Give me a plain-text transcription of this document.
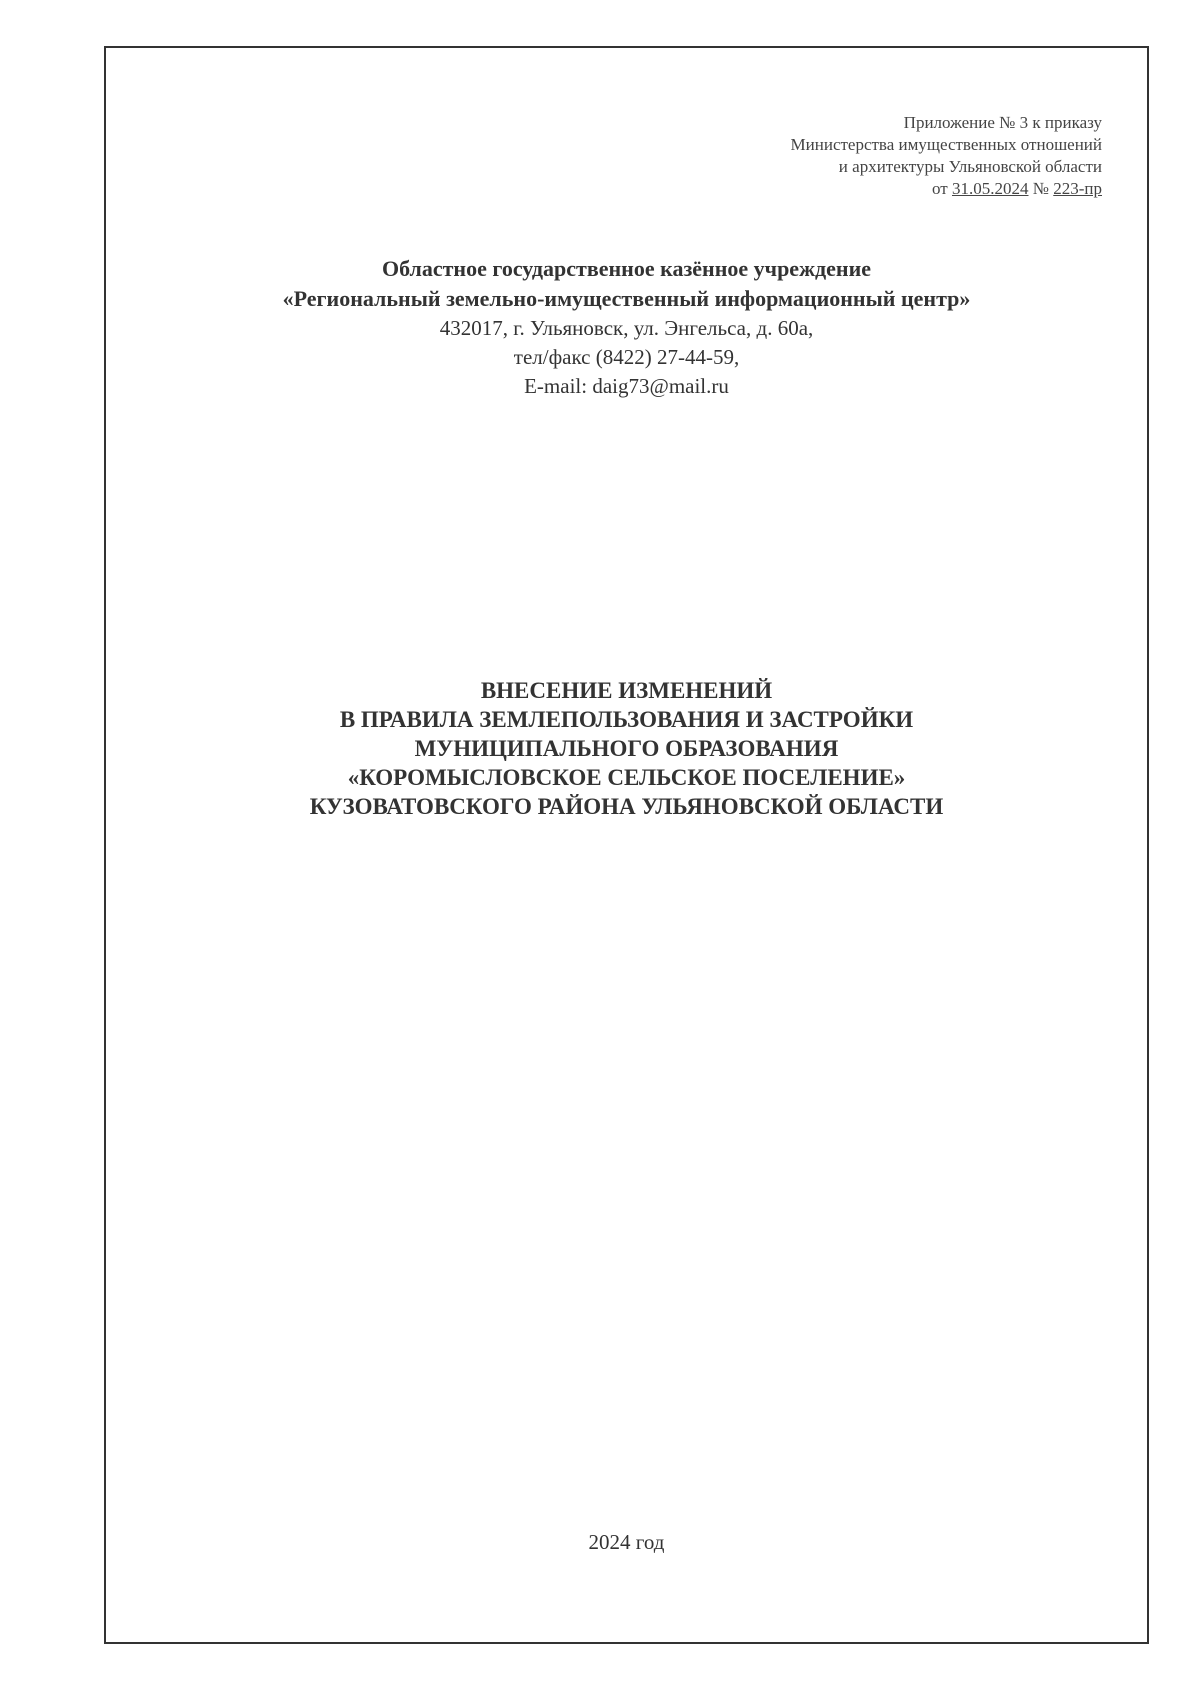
Приложение № 3 к приказу
Министерства имущественных отношений
и архитектуры Ульяновской области
от 31.05.2024 № 223-пр
Областное государственное казённое учреждение
«Региональный земельно-имущественный информационный центр»
432017, г. Ульяновск, ул. Энгельса, д. 60а,
тел/факс (8422) 27-44-59,
E-mail: daig73@mail.ru
ВНЕСЕНИЕ ИЗМЕНЕНИЙ
В ПРАВИЛА ЗЕМЛЕПОЛЬЗОВАНИЯ И ЗАСТРОЙКИ
МУНИЦИПАЛЬНОГО ОБРАЗОВАНИЯ
«КОРОМЫСЛОВСКОЕ СЕЛЬСКОЕ ПОСЕЛЕНИЕ»
КУЗОВАТОВСКОГО РАЙОНА УЛЬЯНОВСКОЙ ОБЛАСТИ
2024 год
